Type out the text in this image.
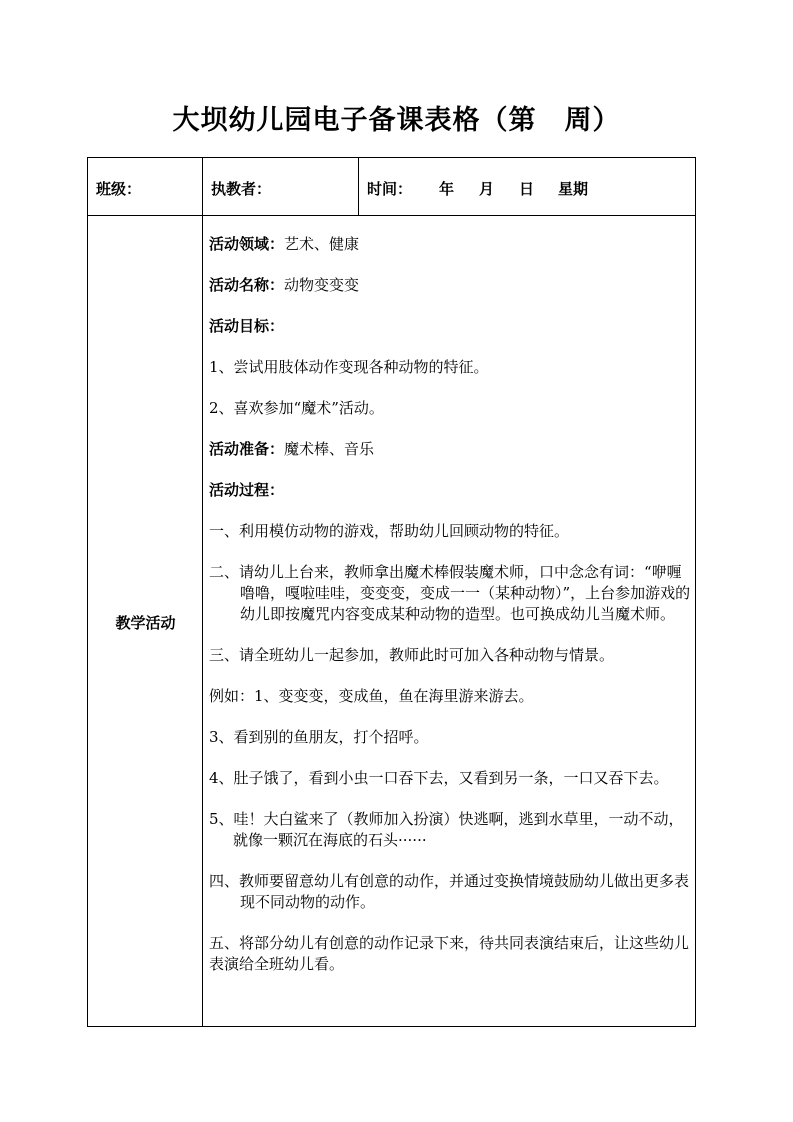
大坝幼儿园电子备课表格（第　周）
班级：	执教者：	时间： 年 月 日 星期
教学活动

活动领域：艺术、健康

活动名称：动物变变变

活动目标：

1、尝试用肢体动作变现各种动物的特征。

2、喜欢参加“魔术”活动。

活动准备：魔术棒、音乐

活动过程：

一、利用模仿动物的游戏，帮助幼儿回顾动物的特征。

二、请幼儿上台来，教师拿出魔术棒假装魔术师，口中念念有词：“咿喱噜噜，嘎啦哇哇，变变变，变成一一（某种动物）”，上台参加游戏的幼儿即按魔咒内容变成某种动物的造型。也可换成幼儿当魔术师。

三、请全班幼儿一起参加，教师此时可加入各种动物与情景。

例如：1、变变变，变成鱼，鱼在海里游来游去。

3、看到别的鱼朋友，打个招呼。

4、肚子饿了，看到小虫一口吞下去，又看到另一条，一口又吞下去。

5、哇！大白鲨来了（教师加入扮演）快逃啊，逃到水草里，一动不动，就像一颗沉在海底的石头······

四、教师要留意幼儿有创意的动作，并通过变换情境鼓励幼儿做出更多表现不同动物的动作。

五、将部分幼儿有创意的动作记录下来，待共同表演结束后，让这些幼儿表演给全班幼儿看。
